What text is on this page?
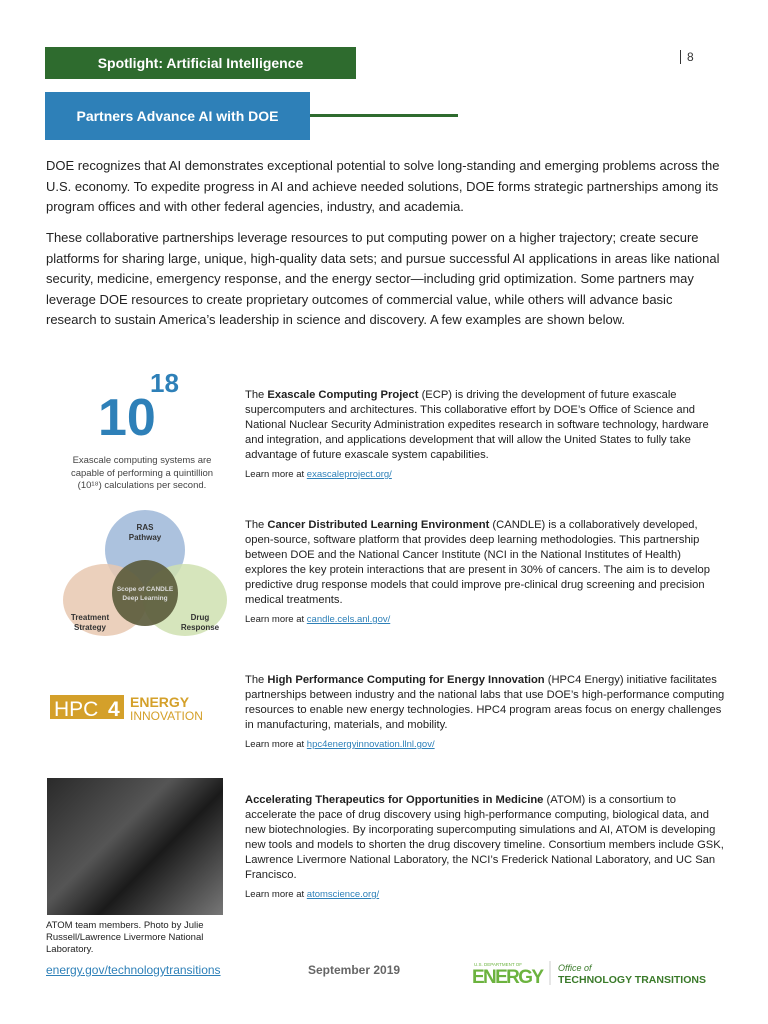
Spotlight: Artificial Intelligence	8
Partners Advance AI with DOE

DOE recognizes that AI demonstrates exceptional potential to solve long-standing and emerging problems across the U.S. economy. To expedite progress in AI and achieve needed solutions, DOE forms strategic partnerships among its program offices and with other federal agencies, industry, and academia.

These collaborative partnerships leverage resources to put computing power on a higher trajectory; create secure platforms for sharing large, unique, high-quality data sets; and pursue successful AI applications in areas like national security, medicine, emergency response, and the energy sector—including grid optimization. Some partners may leverage DOE resources to create proprietary outcomes of commercial value, while others will advance basic research to sustain America’s leadership in science and discovery. A few examples are shown below.

10
18
Exascale computing systems are capable of performing a quintillion (10¹⁸) calculations per second.
RAS
Pathway
Treatment
Strategy
Drug
Response
Scope of CANDLE
Deep Learning
HPC 4 ENERGY
INNOVATION
ATOM team members. Photo by Julie Russell/Lawrence Livermore National Laboratory.
The Exascale Computing Project (ECP) is driving the development of future exascale supercomputers and architectures. This collaborative effort by DOE’s Office of Science and National Nuclear Security Administration expedites research in software technology, hardware and integration, and applications development that will allow the United States to fully take advantage of future exascale system capabilities.
Learn more at exascaleproject.org/
The Cancer Distributed Learning Environment (CANDLE) is a collaboratively developed, open-source, software platform that provides deep learning methodologies. This partnership between DOE and the National Cancer Institute (NCI in the National Institutes of Health) explores the key protein interactions that are present in 30% of cancers. The aim is to develop predictive drug response models that could improve pre-clinical drug screening and precision medical treatments.
Learn more at candle.cels.anl.gov/
The High Performance Computing for Energy Innovation (HPC4 Energy) initiative facilitates partnerships between industry and the national labs that use DOE’s high-performance computing resources to enable new energy technologies. HPC4 program areas focus on energy challenges in manufacturing, materials, and mobility.
Learn more at hpc4energyinnovation.llnl.gov/
Accelerating Therapeutics for Opportunities in Medicine (ATOM) is a consortium to accelerate the pace of drug discovery using high-performance computing, biological data, and new biotechnologies. By incorporating supercomputing simulations and AI, ATOM is developing new tools and models to shorten the drug discovery timeline. Consortium members include GSK, Lawrence Livermore National Laboratory, the NCI’s Frederick National Laboratory, and UC San Francisco.
Learn more at atomscience.org/
energy.gov/technologytransitions	September 2019	U.S. DEPARTMENT OF
ENERGY Office of
TECHNOLOGY TRANSITIONS
